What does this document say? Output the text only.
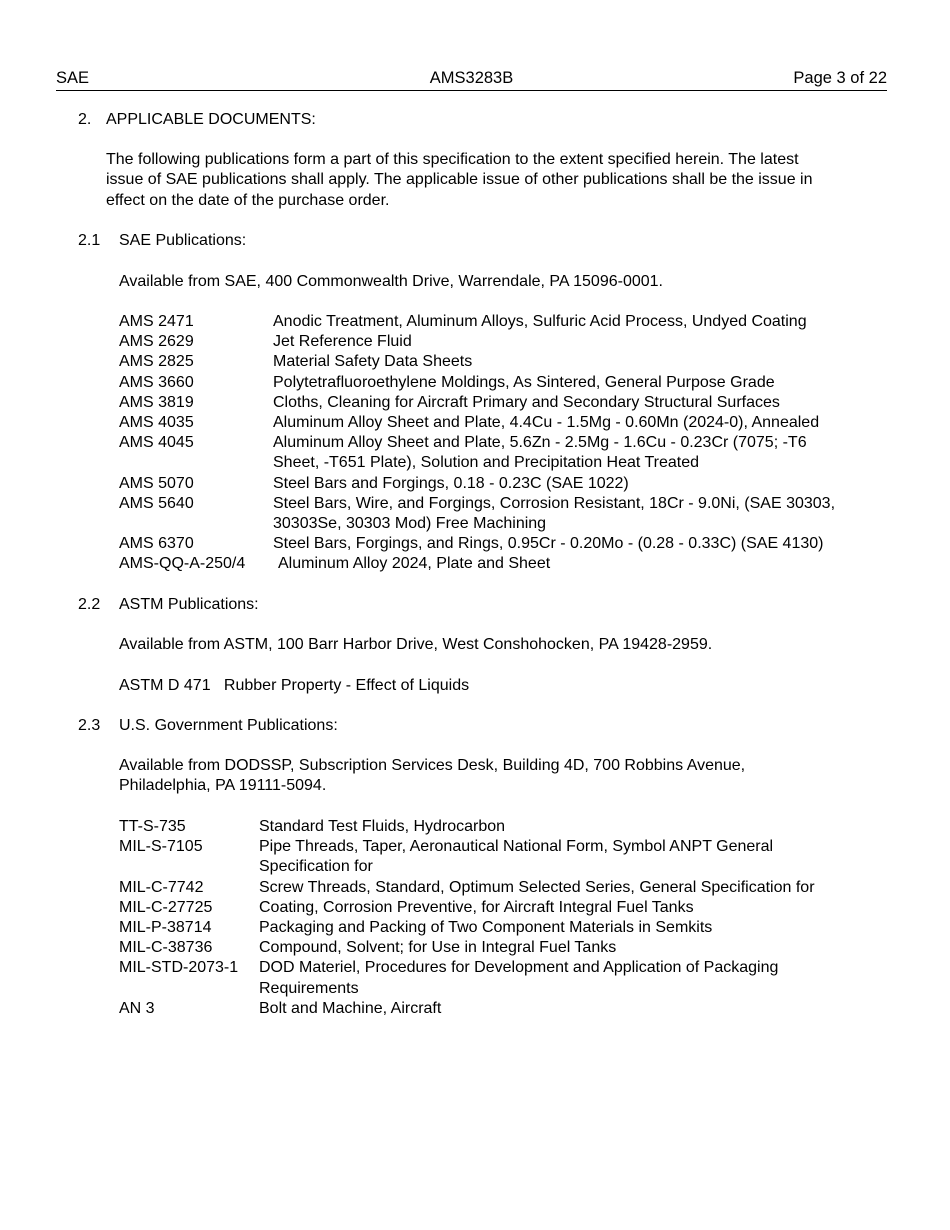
SAE	AMS3283B	Page 3 of 22
2. APPLICABLE DOCUMENTS:
The following publications form a part of this specification to the extent specified herein. The latest
issue of SAE publications shall apply. The applicable issue of other publications shall be the issue in
effect on the date of the purchase order.
2.1 SAE Publications:
Available from SAE, 400 Commonwealth Drive, Warrendale, PA 15096-0001.
AMS 2471	Anodic Treatment, Aluminum Alloys, Sulfuric Acid Process, Undyed Coating
AMS 2629	Jet Reference Fluid
AMS 2825	Material Safety Data Sheets
AMS 3660	Polytetrafluoroethylene Moldings, As Sintered, General Purpose Grade
AMS 3819	Cloths, Cleaning for Aircraft Primary and Secondary Structural Surfaces
AMS 4035	Aluminum Alloy Sheet and Plate, 4.4Cu - 1.5Mg - 0.60Mn (2024-0), Annealed
AMS 4045	Aluminum Alloy Sheet and Plate, 5.6Zn - 2.5Mg - 1.6Cu - 0.23Cr (7075; -T6
Sheet, -T651 Plate), Solution and Precipitation Heat Treated
AMS 5070	Steel Bars and Forgings, 0.18 - 0.23C (SAE 1022)
AMS 5640	Steel Bars, Wire, and Forgings, Corrosion Resistant, 18Cr - 9.0Ni, (SAE 30303,
30303Se, 30303 Mod) Free Machining
AMS 6370	Steel Bars, Forgings, and Rings, 0.95Cr - 0.20Mo - (0.28 - 0.33C) (SAE 4130)
AMS-QQ-A-250/4 Aluminum Alloy 2024, Plate and Sheet
2.2 ASTM Publications:
Available from ASTM, 100 Barr Harbor Drive, West Conshohocken, PA 19428-2959.
ASTM D 471   Rubber Property - Effect of Liquids
2.3 U.S. Government Publications:
Available from DODSSP, Subscription Services Desk, Building 4D, 700 Robbins Avenue,
Philadelphia, PA 19111-5094.
TT-S-735	Standard Test Fluids, Hydrocarbon
MIL-S-7105	Pipe Threads, Taper, Aeronautical National Form, Symbol ANPT General
Specification for
MIL-C-7742	Screw Threads, Standard, Optimum Selected Series, General Specification for
MIL-C-27725	Coating, Corrosion Preventive, for Aircraft Integral Fuel Tanks
MIL-P-38714	Packaging and Packing of Two Component Materials in Semkits
MIL-C-38736	Compound, Solvent; for Use in Integral Fuel Tanks
MIL-STD-2073-1 DOD Materiel, Procedures for Development and Application of Packaging
Requirements
AN 3	Bolt and Machine, Aircraft
